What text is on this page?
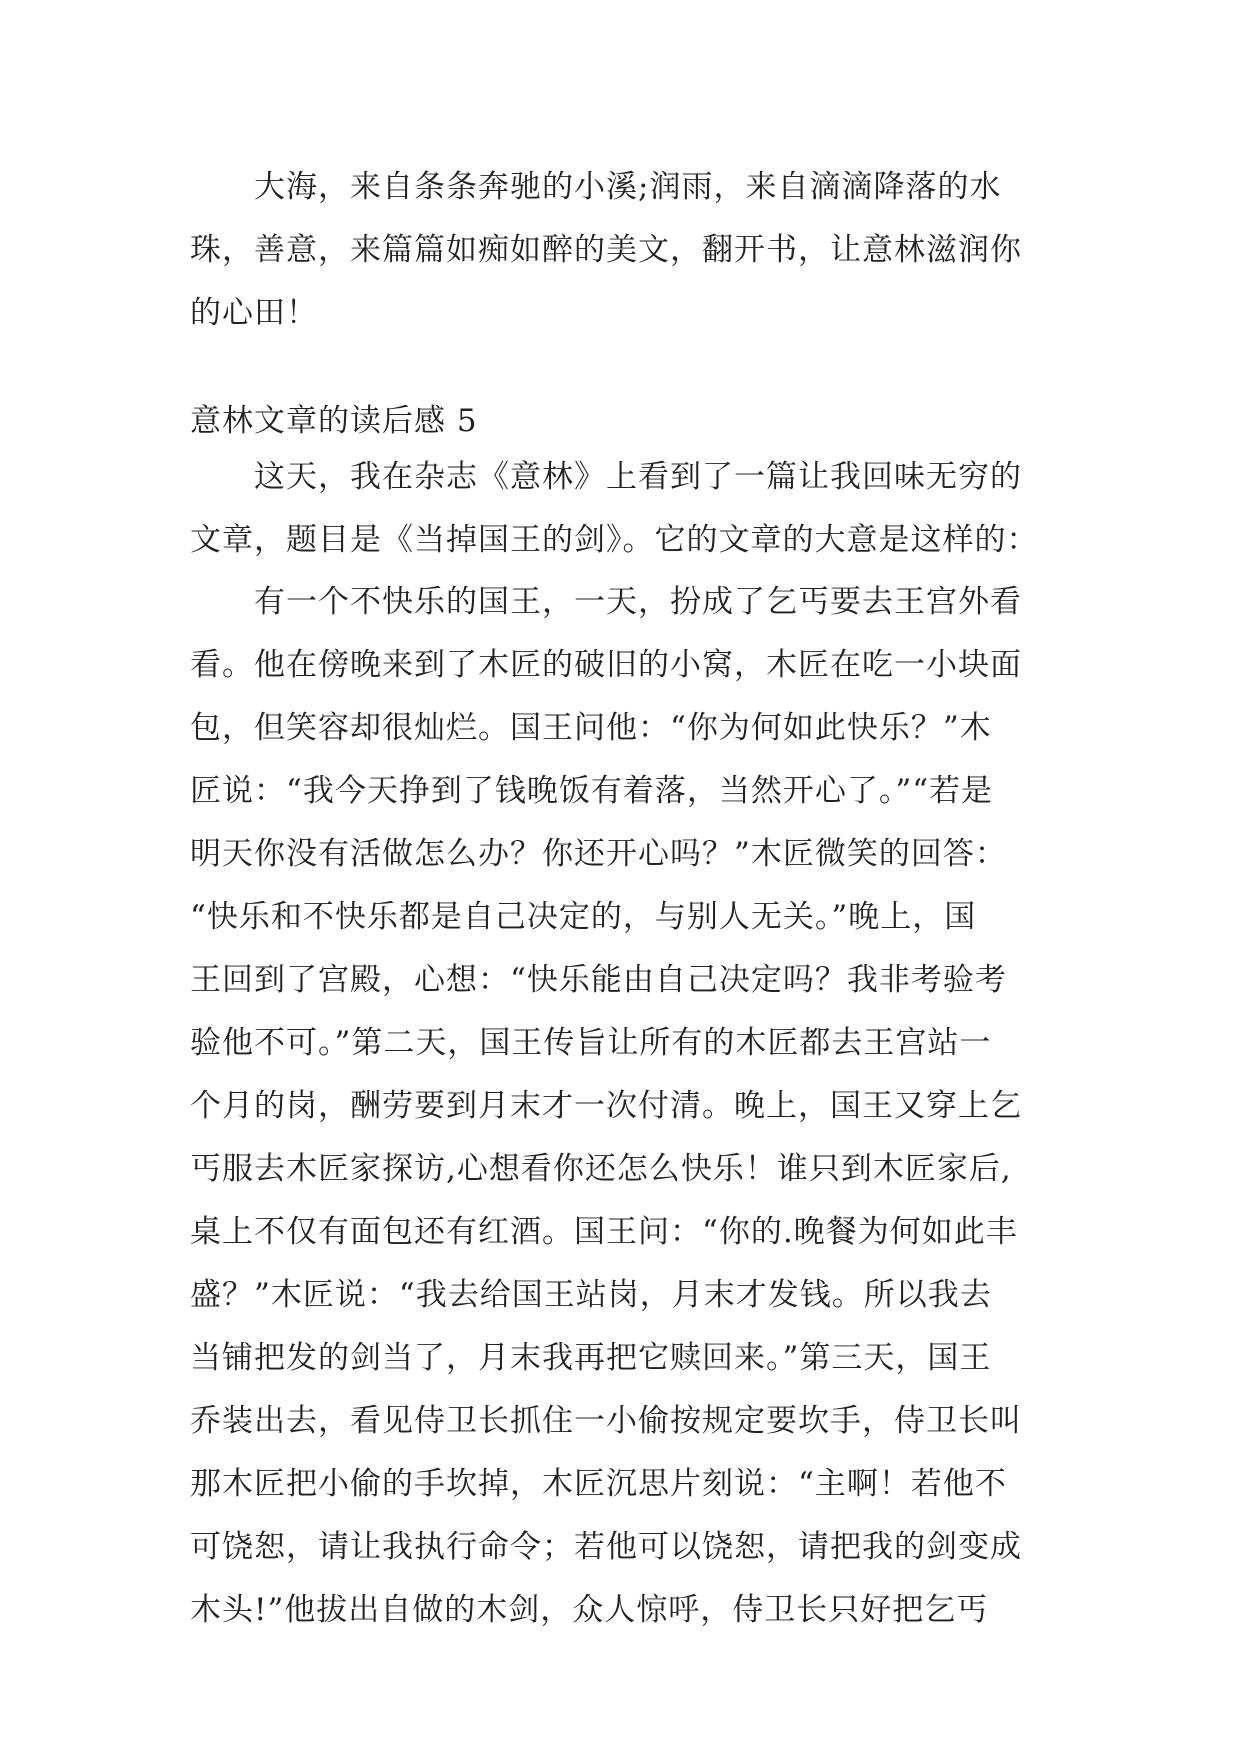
大海，来自条条奔驰的小溪;润雨，来自滴滴降落的水
珠，善意，来篇篇如痴如醉的美文，翻开书，让意林滋润你
的心田！
意林文章的读后感 5
这天，我在杂志《意林》上看到了一篇让我回味无穷的
文章，题目是《当掉国王的剑》。它的文章的大意是这样的：
有一个不快乐的国王，一天，扮成了乞丐要去王宫外看
看。他在傍晚来到了木匠的破旧的小窝，木匠在吃一小块面
包，但笑容却很灿烂。国王问他：“你为何如此快乐？”木
匠说：“我今天挣到了钱晚饭有着落，当然开心了。”“若是
明天你没有活做怎么办？你还开心吗？”木匠微笑的回答：
“快乐和不快乐都是自己决定的，与别人无关。”晚上，国
王回到了宫殿，心想：“快乐能由自己决定吗？我非考验考
验他不可。”第二天，国王传旨让所有的木匠都去王宫站一
个月的岗，酬劳要到月末才一次付清。晚上，国王又穿上乞
丐服去木匠家探访,心想看你还怎么快乐！谁只到木匠家后,
桌上不仅有面包还有红酒。国王问：“你的.晚餐为何如此丰
盛？”木匠说：“我去给国王站岗，月末才发钱。所以我去
当铺把发的剑当了，月末我再把它赎回来。”第三天，国王
乔装出去，看见侍卫长抓住一小偷按规定要坎手，侍卫长叫
那木匠把小偷的手坎掉，木匠沉思片刻说：“主啊！若他不
可饶恕，请让我执行命令；若他可以饶恕，请把我的剑变成
木头!”他拔出自做的木剑，众人惊呼，侍卫长只好把乞丐
